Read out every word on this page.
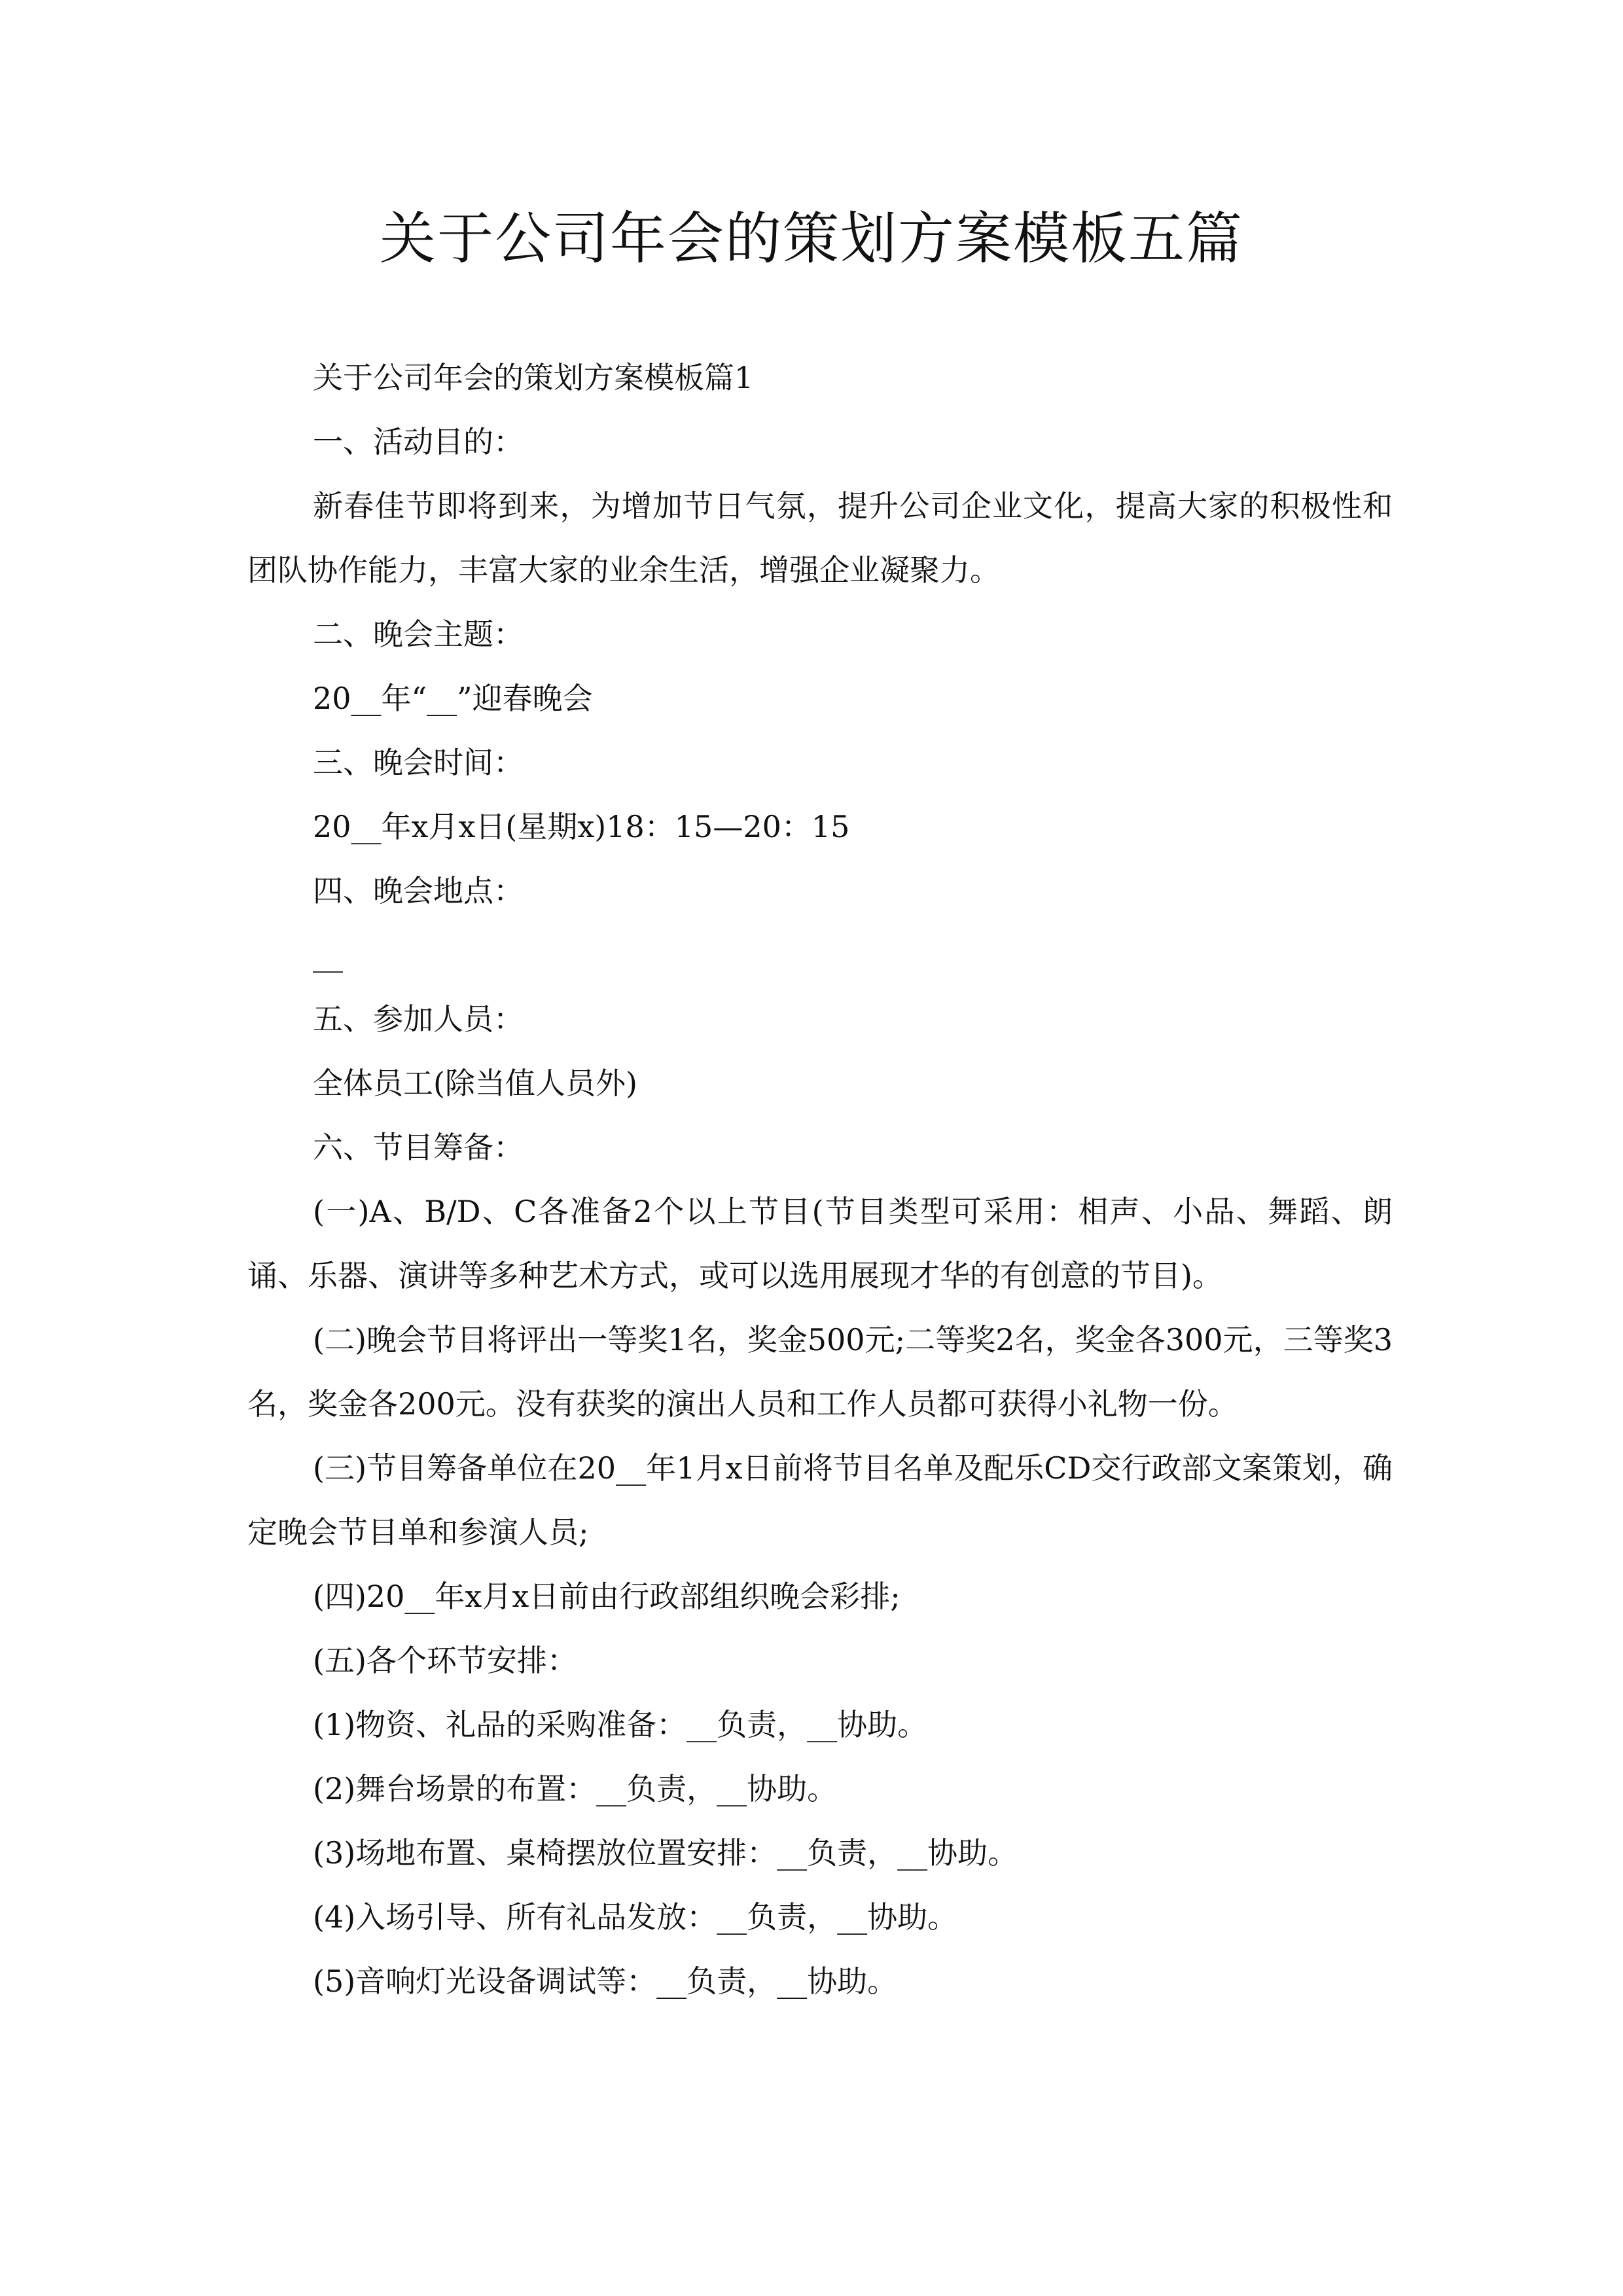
关于公司年会的策划方案模板五篇

关于公司年会的策划方案模板篇1

一、活动目的：

新春佳节即将到来，为增加节日气氛，提升公司企业文化，提高大家的积极性和团队协作能力，丰富大家的业余生活，增强企业凝聚力。

二、晚会主题：

20__年“__”迎春晚会

三、晚会时间：

20__年x月x日(星期x)18：15—20：15

四、晚会地点：

__

五、参加人员：

全体员工(除当值人员外)

六、节目筹备：

(一)A、B/D、C各准备2个以上节目(节目类型可采用：相声、小品、舞蹈、朗诵、乐器、演讲等多种艺术方式，或可以选用展现才华的有创意的节目)。

(二)晚会节目将评出一等奖1名，奖金500元;二等奖2名，奖金各300元，三等奖3名，奖金各200元。没有获奖的演出人员和工作人员都可获得小礼物一份。

(三)节目筹备单位在20__年1月x日前将节目名单及配乐CD交行政部文案策划，确定晚会节目单和参演人员;

(四)20__年x月x日前由行政部组织晚会彩排;

(五)各个环节安排：

(1)物资、礼品的采购准备：__负责，__协助。

(2)舞台场景的布置：__负责，__协助。

(3)场地布置、桌椅摆放位置安排：__负责，__协助。

(4)入场引导、所有礼品发放：__负责，__协助。

(5)音响灯光设备调试等：__负责，__协助。
